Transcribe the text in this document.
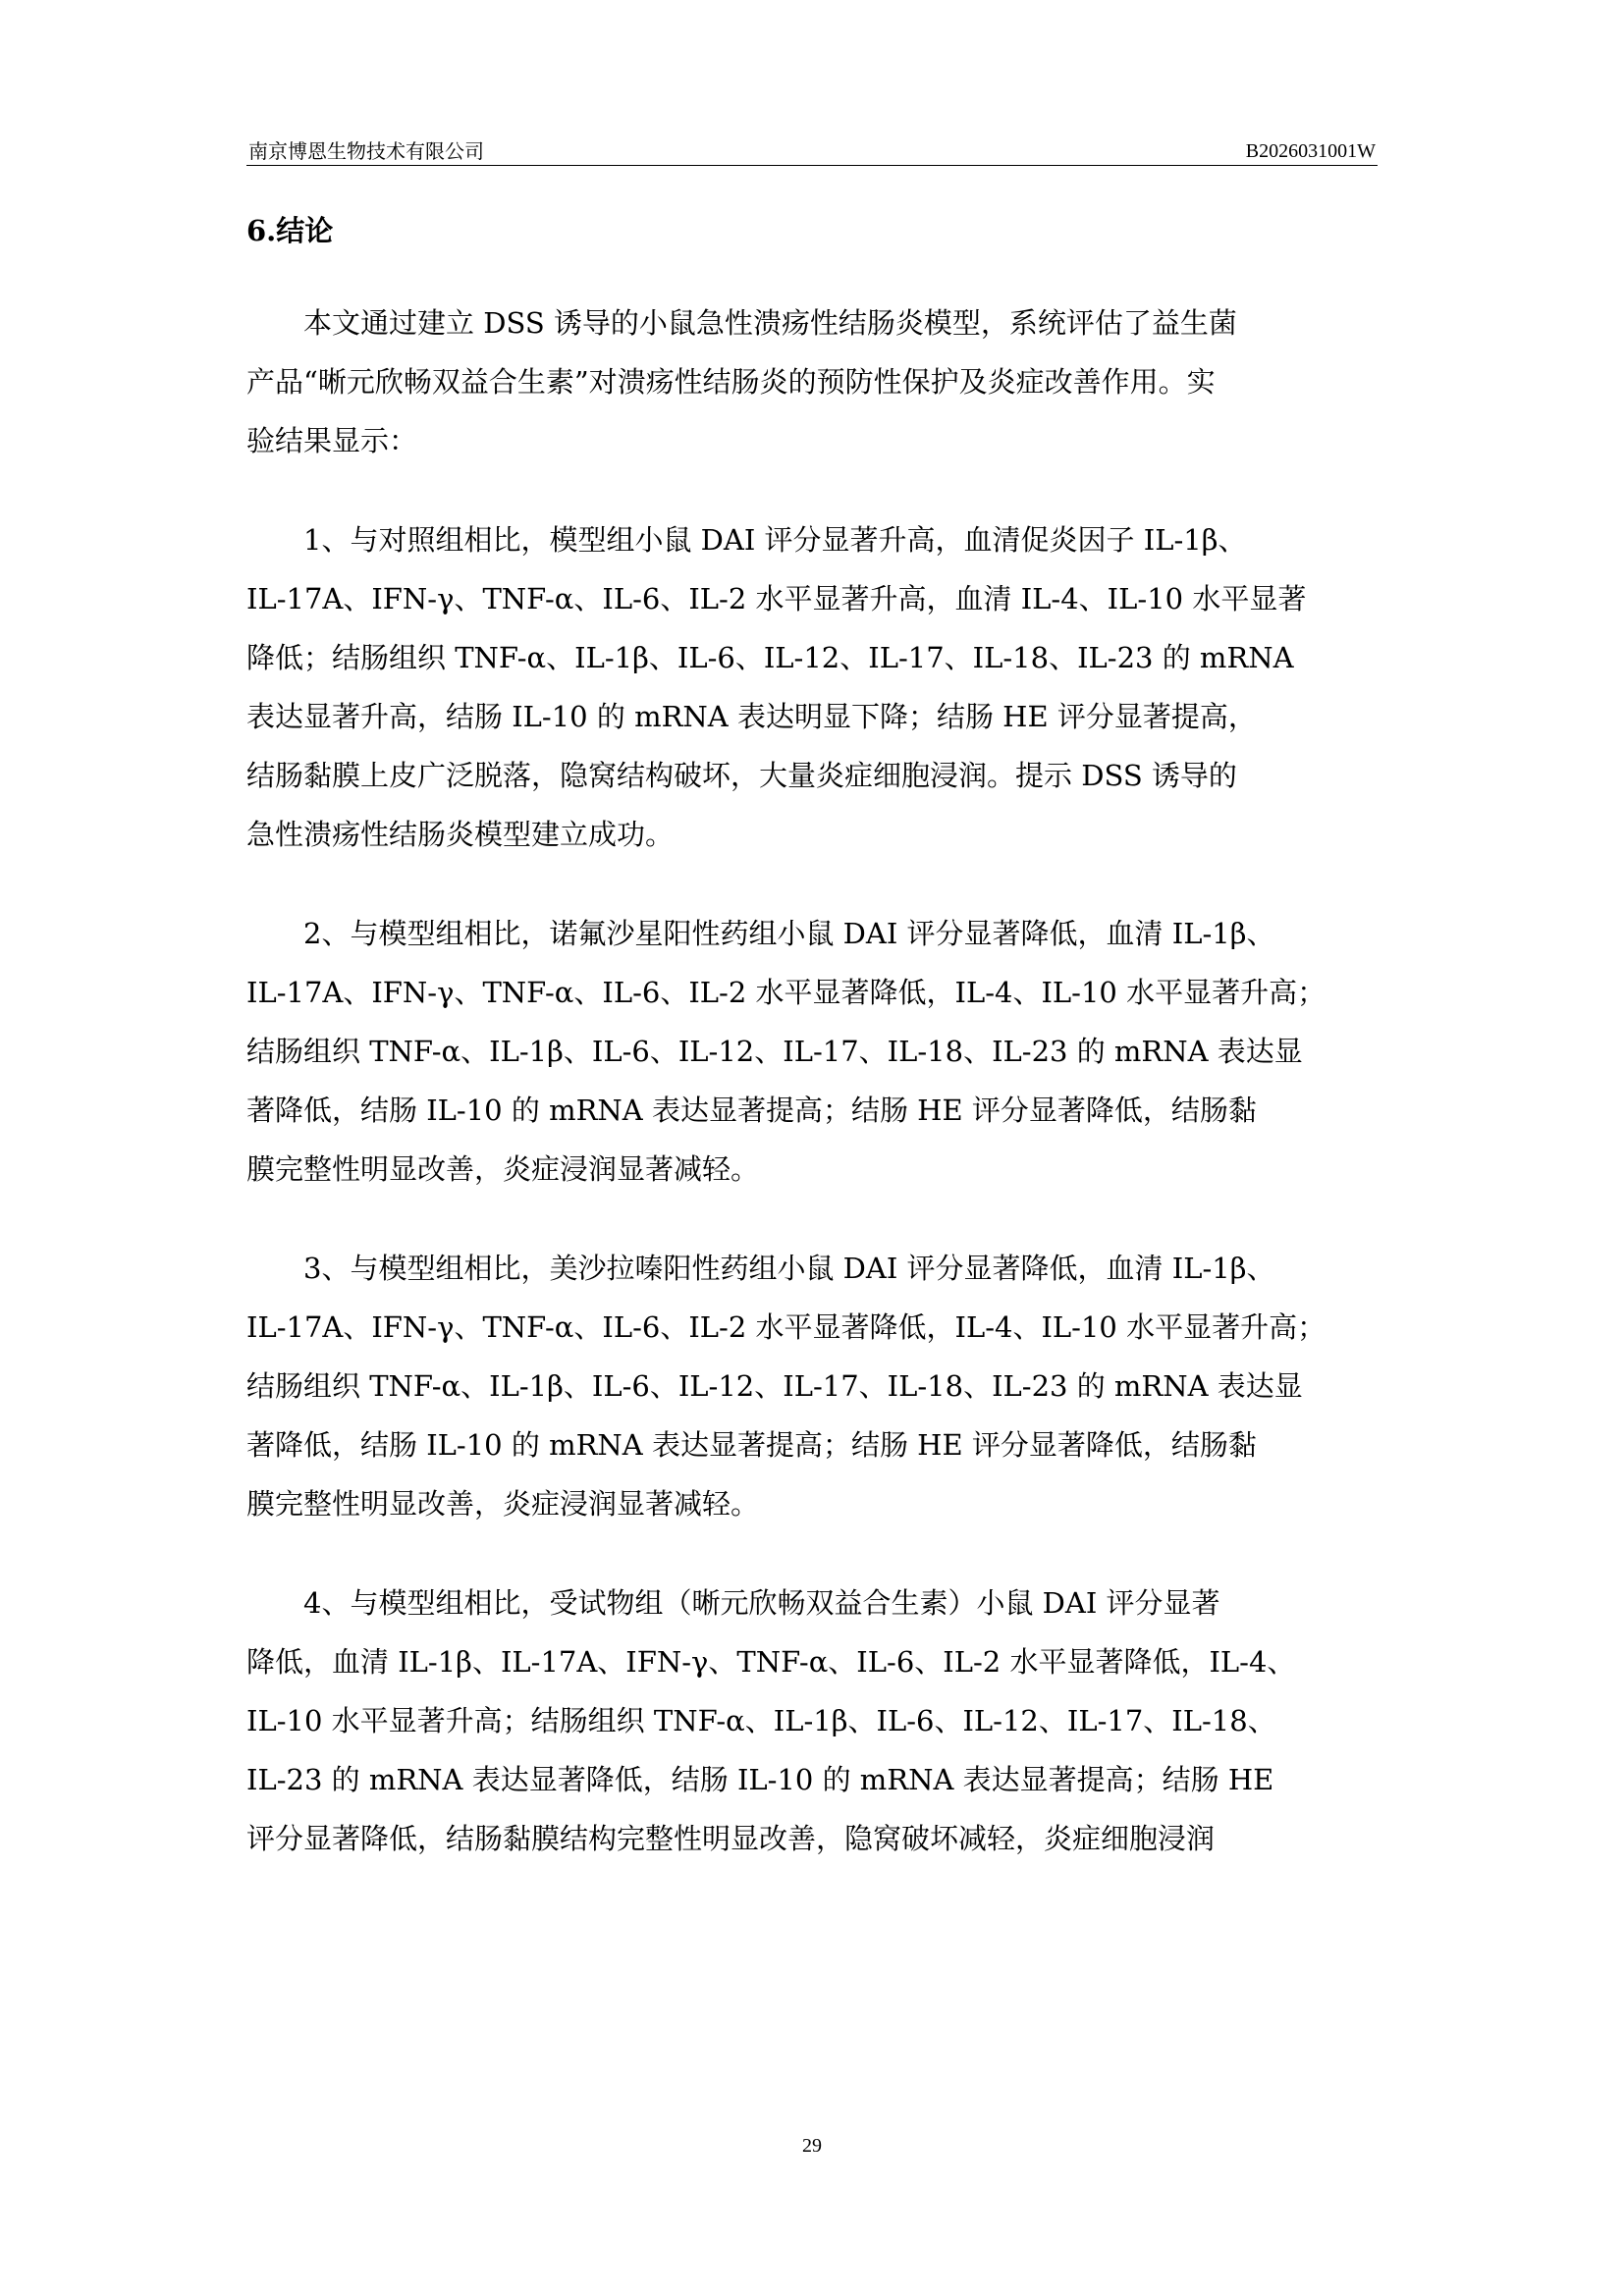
南京博恩生物技术有限公司	B2026031001W
6.结论
本文通过建立 DSS 诱导的小鼠急性溃疡性结肠炎模型，系统评估了益生菌
产品“晰元欣畅双益合生素”对溃疡性结肠炎的预防性保护及炎症改善作用。实
验结果显示：
1、与对照组相比，模型组小鼠 DAI 评分显著升高，血清促炎因子 IL-1β、
IL-17A、IFN-γ、TNF-α、IL-6、IL-2 水平显著升高，血清 IL-4、IL-10 水平显著
降低；结肠组织 TNF-α、IL-1β、IL-6、IL-12、IL-17、IL-18、IL-23 的 mRNA
表达显著升高，结肠 IL-10 的 mRNA 表达明显下降；结肠 HE 评分显著提高，
结肠黏膜上皮广泛脱落，隐窝结构破坏，大量炎症细胞浸润。提示 DSS 诱导的
急性溃疡性结肠炎模型建立成功。
2、与模型组相比，诺氟沙星阳性药组小鼠 DAI 评分显著降低，血清 IL-1β、
IL-17A、IFN-γ、TNF-α、IL-6、IL-2 水平显著降低，IL-4、IL-10 水平显著升高；
结肠组织 TNF-α、IL-1β、IL-6、IL-12、IL-17、IL-18、IL-23 的 mRNA 表达显
著降低，结肠 IL-10 的 mRNA 表达显著提高；结肠 HE 评分显著降低，结肠黏
膜完整性明显改善，炎症浸润显著减轻。
3、与模型组相比，美沙拉嗪阳性药组小鼠 DAI 评分显著降低，血清 IL-1β、
IL-17A、IFN-γ、TNF-α、IL-6、IL-2 水平显著降低，IL-4、IL-10 水平显著升高；
结肠组织 TNF-α、IL-1β、IL-6、IL-12、IL-17、IL-18、IL-23 的 mRNA 表达显
著降低，结肠 IL-10 的 mRNA 表达显著提高；结肠 HE 评分显著降低，结肠黏
膜完整性明显改善，炎症浸润显著减轻。
4、与模型组相比，受试物组（晰元欣畅双益合生素）小鼠 DAI 评分显著
降低，血清 IL-1β、IL-17A、IFN-γ、TNF-α、IL-6、IL-2 水平显著降低，IL-4、
IL-10 水平显著升高；结肠组织 TNF-α、IL-1β、IL-6、IL-12、IL-17、IL-18、
IL-23 的 mRNA 表达显著降低，结肠 IL-10 的 mRNA 表达显著提高；结肠 HE
评分显著降低，结肠黏膜结构完整性明显改善，隐窝破坏减轻，炎症细胞浸润
29
